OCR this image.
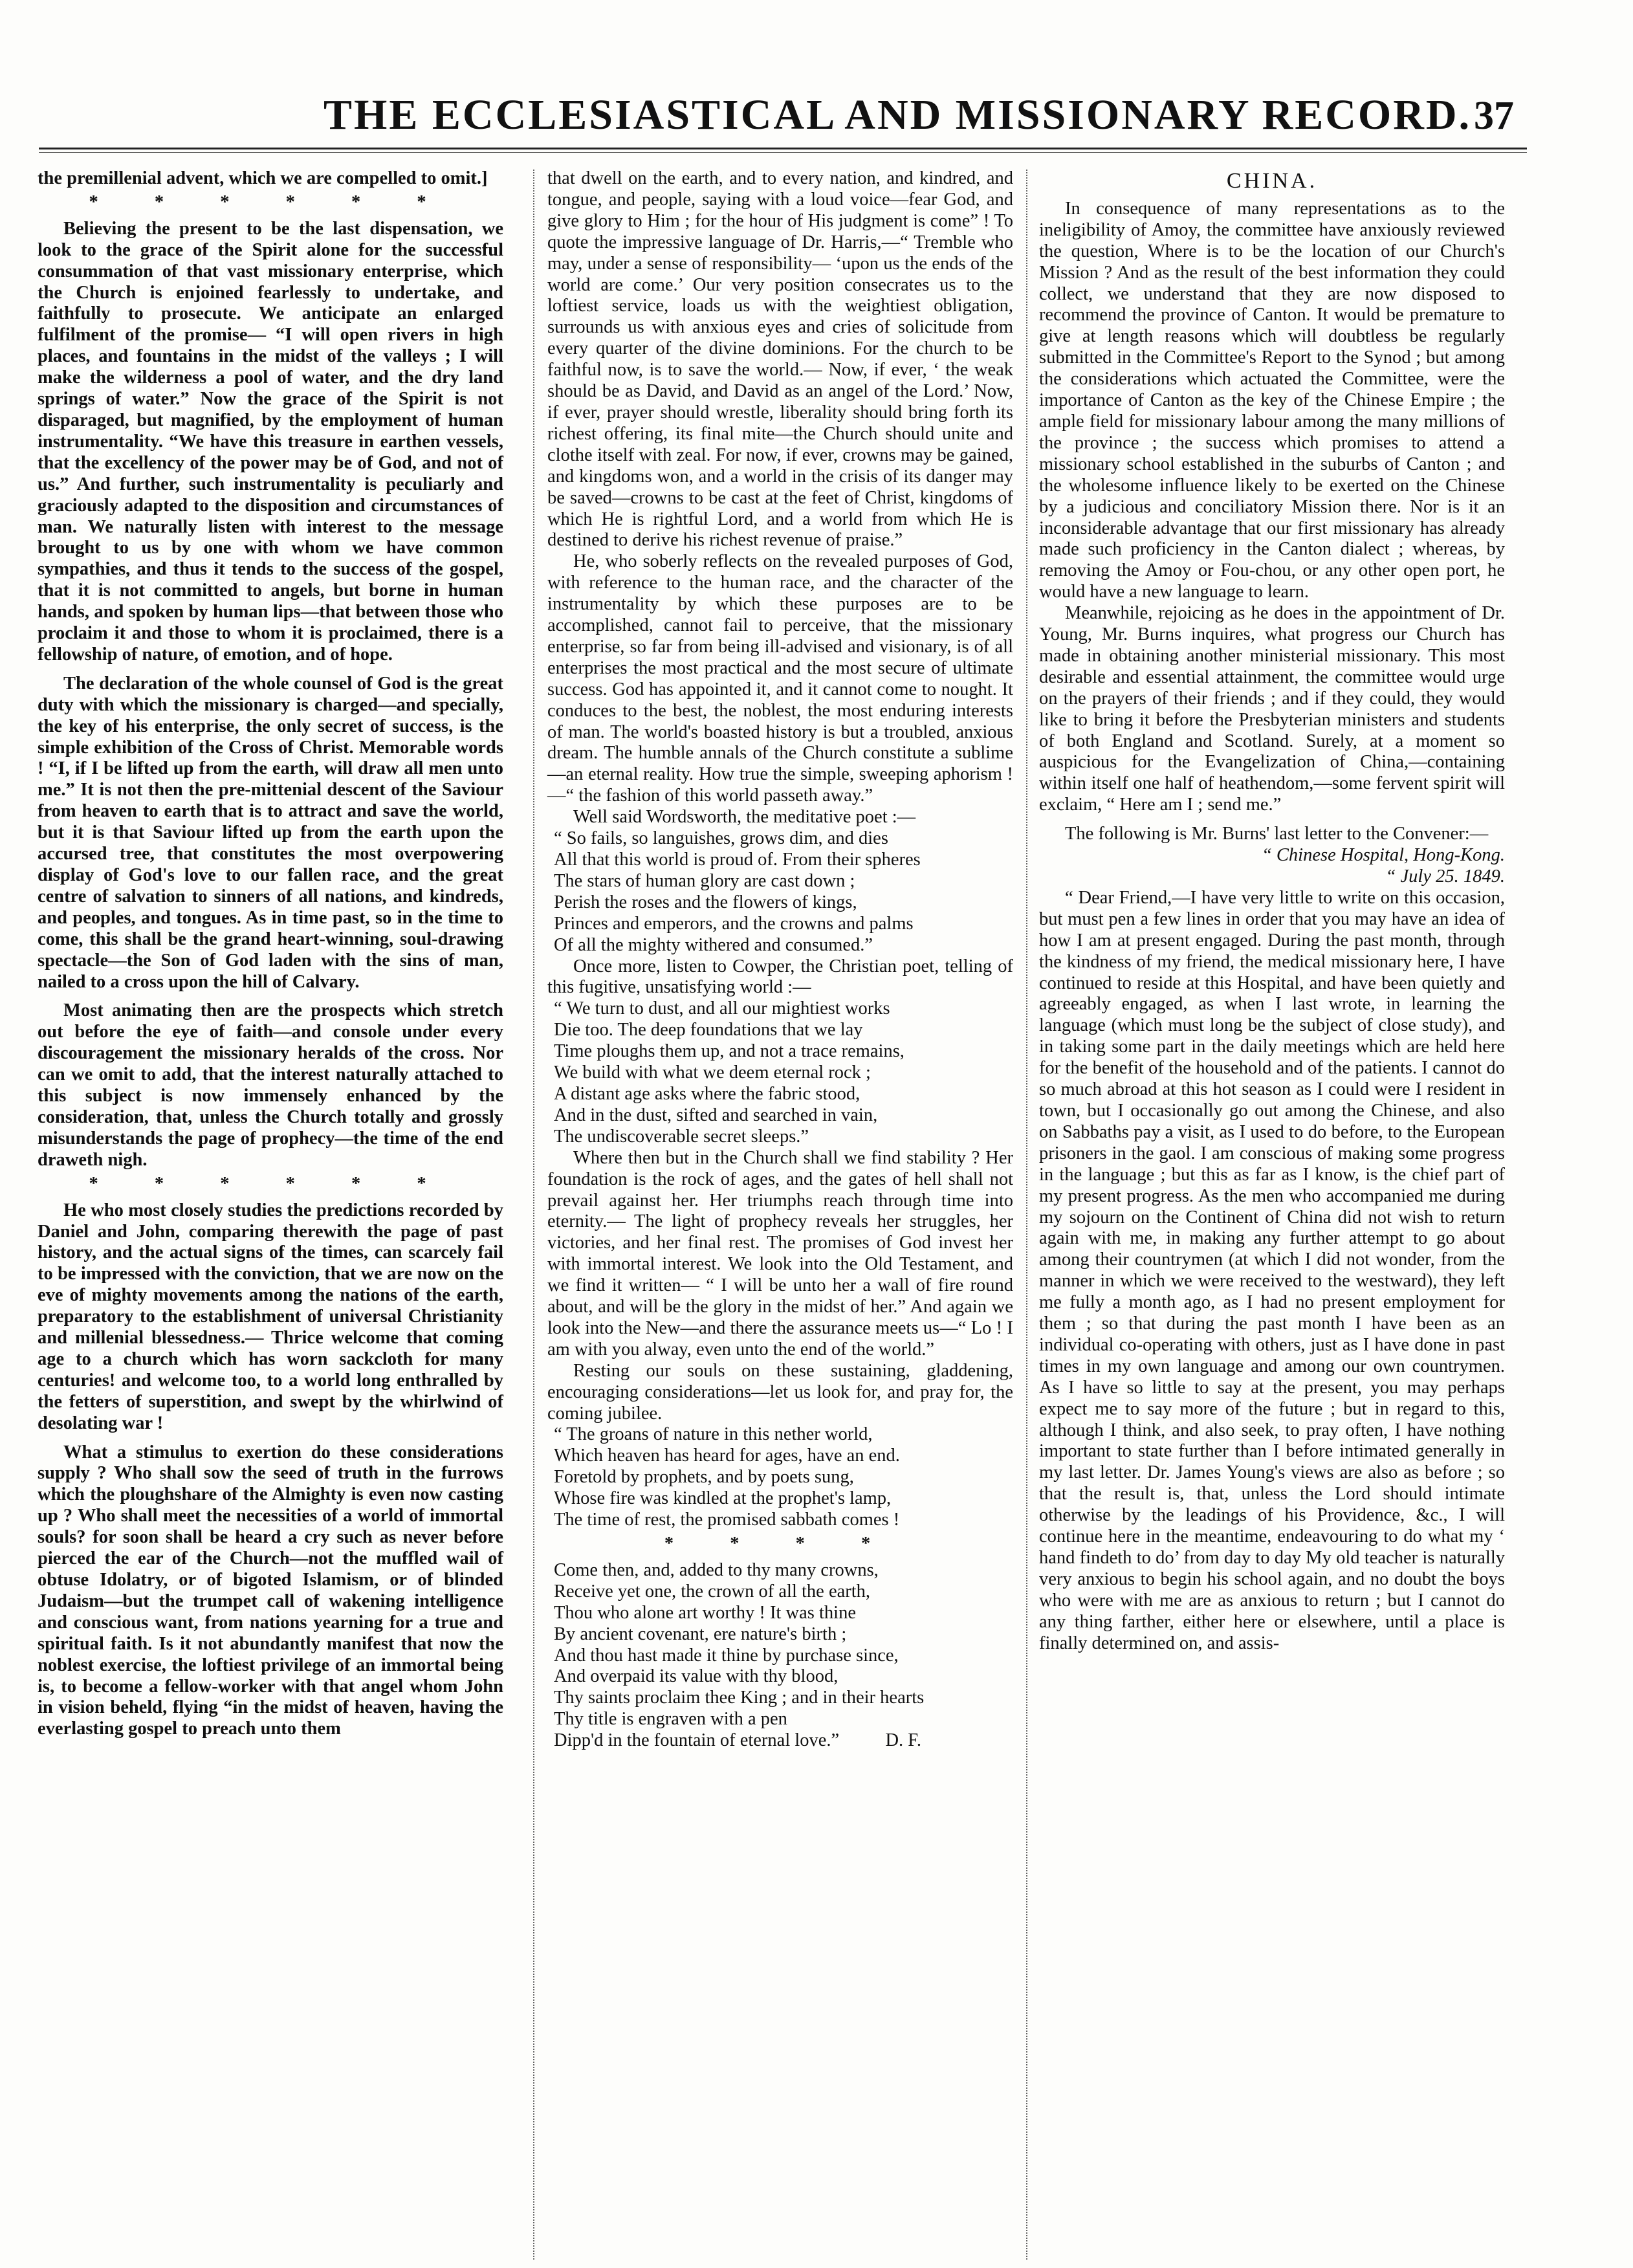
THE ECCLESIASTICAL AND MISSIONARY RECORD. 37

the premillenial advent, which we are compelled to omit.]

* * * * * *

Believing the present to be the last dispensation, we look to the grace of the Spirit alone for the successful consummation of that vast missionary enterprise, which the Church is enjoined fearlessly to undertake, and faithfully to prosecute. We anticipate an enlarged fulfilment of the promise— “I will open rivers in high places, and fountains in the midst of the valleys ; I will make the wilderness a pool of water, and the dry land springs of water.” Now the grace of the Spirit is not disparaged, but magnified, by the employment of human instrumentality. “We have this treasure in earthen vessels, that the excellency of the power may be of God, and not of us.” And further, such instrumentality is peculiarly and graciously adapted to the disposition and circumstances of man. We naturally listen with interest to the message brought to us by one with whom we have common sympathies, and thus it tends to the success of the gospel, that it is not committed to angels, but borne in human hands, and spoken by human lips—that between those who proclaim it and those to whom it is proclaimed, there is a fellowship of nature, of emotion, and of hope.

The declaration of the whole counsel of God is the great duty with which the missionary is charged—and specially, the key of his enterprise, the only secret of success, is the simple exhibition of the Cross of Christ. Memorable words ! “I, if I be lifted up from the earth, will draw all men unto me.” It is not then the pre-mittenial descent of the Saviour from heaven to earth that is to attract and save the world, but it is that Saviour lifted up from the earth upon the accursed tree, that constitutes the most overpowering display of God's love to our fallen race, and the great centre of salvation to sinners of all nations, and kindreds, and peoples, and tongues. As in time past, so in the time to come, this shall be the grand heart-winning, soul-drawing spectacle—the Son of God laden with the sins of man, nailed to a cross upon the hill of Calvary.

Most animating then are the prospects which stretch out before the eye of faith—and console under every discouragement the missionary heralds of the cross. Nor can we omit to add, that the interest naturally attached to this subject is now immensely enhanced by the consideration, that, unless the Church totally and grossly misunderstands the page of prophecy—the time of the end draweth nigh.

* * * * * *

He who most closely studies the predictions recorded by Daniel and John, comparing therewith the page of past history, and the actual signs of the times, can scarcely fail to be impressed with the conviction, that we are now on the eve of mighty movements among the nations of the earth, preparatory to the establishment of universal Christianity and millenial blessedness.— Thrice welcome that coming age to a church which has worn sackcloth for many centuries! and welcome too, to a world long enthralled by the fetters of superstition, and swept by the whirlwind of desolating war !

What a stimulus to exertion do these considerations supply ? Who shall sow the seed of truth in the furrows which the ploughshare of the Almighty is even now casting up ? Who shall meet the necessities of a world of immortal souls? for soon shall be heard a cry such as never before pierced the ear of the Church—not the muffled wail of obtuse Idolatry, or of bigoted Islamism, or of blinded Judaism—but the trumpet call of wakening intelligence and conscious want, from nations yearning for a true and spiritual faith. Is it not abundantly manifest that now the noblest exercise, the loftiest privilege of an immortal being is, to become a fellow-worker with that angel whom John in vision beheld, flying “in the midst of heaven, having the everlasting gospel to preach unto them

that dwell on the earth, and to every nation, and kindred, and tongue, and people, saying with a loud voice—fear God, and give glory to Him ; for the hour of His judgment is come” ! To quote the impressive language of Dr. Harris,—“ Tremble who may, under a sense of responsibility— ‘upon us the ends of the world are come.’ Our very position consecrates us to the loftiest service, loads us with the weightiest obligation, surrounds us with anxious eyes and cries of solicitude from every quarter of the divine dominions. For the church to be faithful now, is to save the world.— Now, if ever, ‘ the weak should be as David, and David as an angel of the Lord.’ Now, if ever, prayer should wrestle, liberality should bring forth its richest offering, its final mite—the Church should unite and clothe itself with zeal. For now, if ever, crowns may be gained, and kingdoms won, and a world in the crisis of its danger may be saved—crowns to be cast at the feet of Christ, kingdoms of which He is rightful Lord, and a world from which He is destined to derive his richest revenue of praise.”

He, who soberly reflects on the revealed purposes of God, with reference to the human race, and the character of the instrumentality by which these purposes are to be accomplished, cannot fail to perceive, that the missionary enterprise, so far from being ill-advised and visionary, is of all enterprises the most practical and the most secure of ultimate success. God has appointed it, and it cannot come to nought. It conduces to the best, the noblest, the most enduring interests of man. The world's boasted history is but a troubled, anxious dream. The humble annals of the Church constitute a sublime—an eternal reality. How true the simple, sweeping aphorism !—“ the fashion of this world passeth away.”

Well said Wordsworth, the meditative poet :—

“ So fails, so languishes, grows dim, and dies
All that this world is proud of. From their spheres
The stars of human glory are cast down ;
Perish the roses and the flowers of kings,
Princes and emperors, and the crowns and palms
Of all the mighty withered and consumed.”

Once more, listen to Cowper, the Christian poet, telling of this fugitive, unsatisfying world :—

“ We turn to dust, and all our mightiest works
Die too. The deep foundations that we lay
Time ploughs them up, and not a trace remains,
We build with what we deem eternal rock ;
A distant age asks where the fabric stood,
And in the dust, sifted and searched in vain,
The undiscoverable secret sleeps.”

Where then but in the Church shall we find stability ? Her foundation is the rock of ages, and the gates of hell shall not prevail against her. Her triumphs reach through time into eternity.— The light of prophecy reveals her struggles, her victories, and her final rest. The promises of God invest her with immortal interest. We look into the Old Testament, and we find it written— “ I will be unto her a wall of fire round about, and will be the glory in the midst of her.” And again we look into the New—and there the assurance meets us—“ Lo ! I am with you alway, even unto the end of the world.”

Resting our souls on these sustaining, gladdening, encouraging considerations—let us look for, and pray for, the coming jubilee.

“ The groans of nature in this nether world,
Which heaven has heard for ages, have an end.
Foretold by prophets, and by poets sung,
Whose fire was kindled at the prophet's lamp,
The time of rest, the promised sabbath comes !

* * * *

Come then, and, added to thy many crowns,
Receive yet one, the crown of all the earth,
Thou who alone art worthy ! It was thine
By ancient covenant, ere nature's birth ;
And thou hast made it thine by purchase since,
And overpaid its value with thy blood,
Thy saints proclaim thee King ; and in their hearts
Thy title is engraven with a pen
Dipp'd in the fountain of eternal love.”	D. F.
CHINA.

In consequence of many representations as to the ineligibility of Amoy, the committee have anxiously reviewed the question, Where is to be the location of our Church's Mission ? And as the result of the best information they could collect, we understand that they are now disposed to recommend the province of Canton. It would be premature to give at length reasons which will doubtless be regularly submitted in the Committee's Report to the Synod ; but among the considerations which actuated the Committee, were the importance of Canton as the key of the Chinese Empire ; the ample field for missionary labour among the many millions of the province ; the success which promises to attend a missionary school established in the suburbs of Canton ; and the wholesome influence likely to be exerted on the Chinese by a judicious and conciliatory Mission there. Nor is it an inconsiderable advantage that our first missionary has already made such proficiency in the Canton dialect ; whereas, by removing the Amoy or Fou-chou, or any other open port, he would have a new language to learn.

Meanwhile, rejoicing as he does in the appointment of Dr. Young, Mr. Burns inquires, what progress our Church has made in obtaining another ministerial missionary. This most desirable and essential attainment, the committee would urge on the prayers of their friends ; and if they could, they would like to bring it before the Presbyterian ministers and students of both England and Scotland. Surely, at a moment so auspicious for the Evangelization of China,—containing within itself one half of heathendom,—some fervent spirit will exclaim, “ Here am I ; send me.”

The following is Mr. Burns' last letter to the Convener:—

“ Chinese Hospital, Hong-Kong.

“ July 25. 1849.

“ Dear Friend,—I have very little to write on this occasion, but must pen a few lines in order that you may have an idea of how I am at present engaged. During the past month, through the kindness of my friend, the medical missionary here, I have continued to reside at this Hospital, and have been quietly and agreeably engaged, as when I last wrote, in learning the language (which must long be the subject of close study), and in taking some part in the daily meetings which are held here for the benefit of the household and of the patients. I cannot do so much abroad at this hot season as I could were I resident in town, but I occasionally go out among the Chinese, and also on Sabbaths pay a visit, as I used to do before, to the European prisoners in the gaol. I am conscious of making some progress in the language ; but this as far as I know, is the chief part of my present progress. As the men who accompanied me during my sojourn on the Continent of China did not wish to return again with me, in making any further attempt to go about among their countrymen (at which I did not wonder, from the manner in which we were received to the westward), they left me fully a month ago, as I had no present employment for them ; so that during the past month I have been as an individual co-operating with others, just as I have done in past times in my own language and among our own countrymen. As I have so little to say at the present, you may perhaps expect me to say more of the future ; but in regard to this, although I think, and also seek, to pray often, I have nothing important to state further than I before intimated generally in my last letter. Dr. James Young's views are also as before ; so that the result is, that, unless the Lord should intimate otherwise by the leadings of his Providence, &c., I will continue here in the meantime, endeavouring to do what my ‘ hand findeth to do’ from day to day My old teacher is naturally very anxious to begin his school again, and no doubt the boys who were with me are as anxious to return ; but I cannot do any thing farther, either here or elsewhere, until a place is finally determined on, and assis-
